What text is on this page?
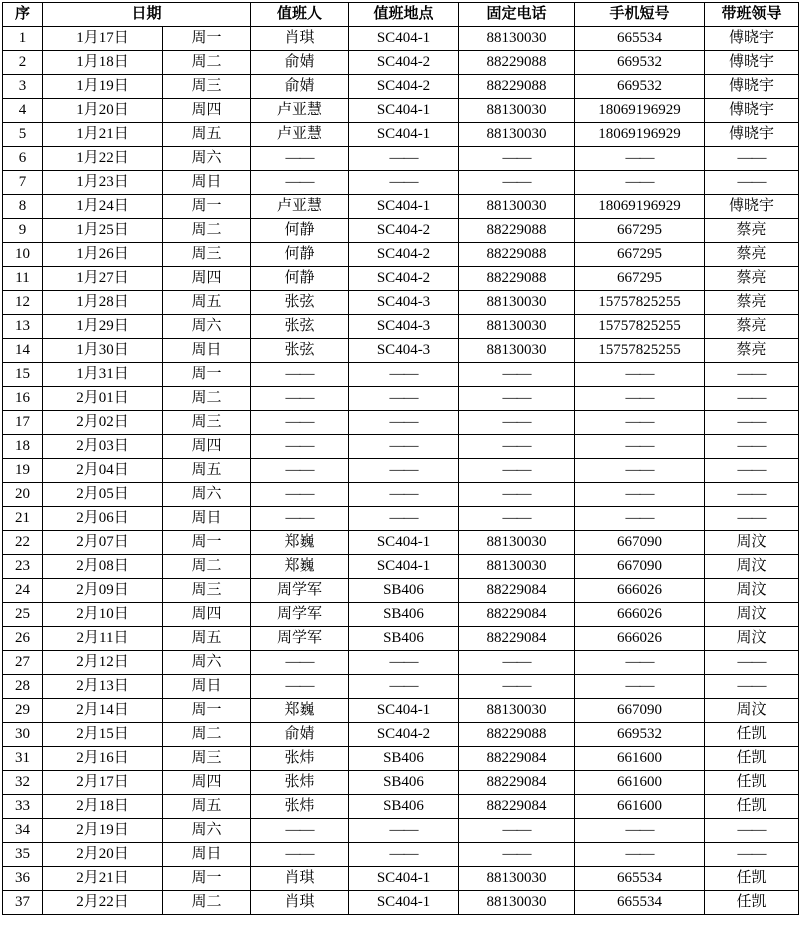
序	日期		值班人	值班地点	固定电话	手机短号	带班领导
1	1月17日	周一	肖琪	SC404-1	88130030	665534	傅晓宇
2	1月18日	周二	俞婧	SC404-2	88229088	669532	傅晓宇
3	1月19日	周三	俞婧	SC404-2	88229088	669532	傅晓宇
4	1月20日	周四	卢亚慧	SC404-1	88130030	18069196929	傅晓宇
5	1月21日	周五	卢亚慧	SC404-1	88130030	18069196929	傅晓宇
6	1月22日	周六	——	——	——	——	——
7	1月23日	周日	——	——	——	——	——
8	1月24日	周一	卢亚慧	SC404-1	88130030	18069196929	傅晓宇
9	1月25日	周二	何静	SC404-2	88229088	667295	蔡亮
10	1月26日	周三	何静	SC404-2	88229088	667295	蔡亮
11	1月27日	周四	何静	SC404-2	88229088	667295	蔡亮
12	1月28日	周五	张弦	SC404-3	88130030	15757825255	蔡亮
13	1月29日	周六	张弦	SC404-3	88130030	15757825255	蔡亮
14	1月30日	周日	张弦	SC404-3	88130030	15757825255	蔡亮
15	1月31日	周一	——	——	——	——	——
16	2月01日	周二	——	——	——	——	——
17	2月02日	周三	——	——	——	——	——
18	2月03日	周四	——	——	——	——	——
19	2月04日	周五	——	——	——	——	——
20	2月05日	周六	——	——	——	——	——
21	2月06日	周日	——	——	——	——	——
22	2月07日	周一	郑巍	SC404-1	88130030	667090	周汶
23	2月08日	周二	郑巍	SC404-1	88130030	667090	周汶
24	2月09日	周三	周学军	SB406	88229084	666026	周汶
25	2月10日	周四	周学军	SB406	88229084	666026	周汶
26	2月11日	周五	周学军	SB406	88229084	666026	周汶
27	2月12日	周六	——	——	——	——	——
28	2月13日	周日	——	——	——	——	——
29	2月14日	周一	郑巍	SC404-1	88130030	667090	周汶
30	2月15日	周二	俞婧	SC404-2	88229088	669532	任凯
31	2月16日	周三	张炜	SB406	88229084	661600	任凯
32	2月17日	周四	张炜	SB406	88229084	661600	任凯
33	2月18日	周五	张炜	SB406	88229084	661600	任凯
34	2月19日	周六	——	——	——	——	——
35	2月20日	周日	——	——	——	——	——
36	2月21日	周一	肖琪	SC404-1	88130030	665534	任凯
37	2月22日	周二	肖琪	SC404-1	88130030	665534	任凯
